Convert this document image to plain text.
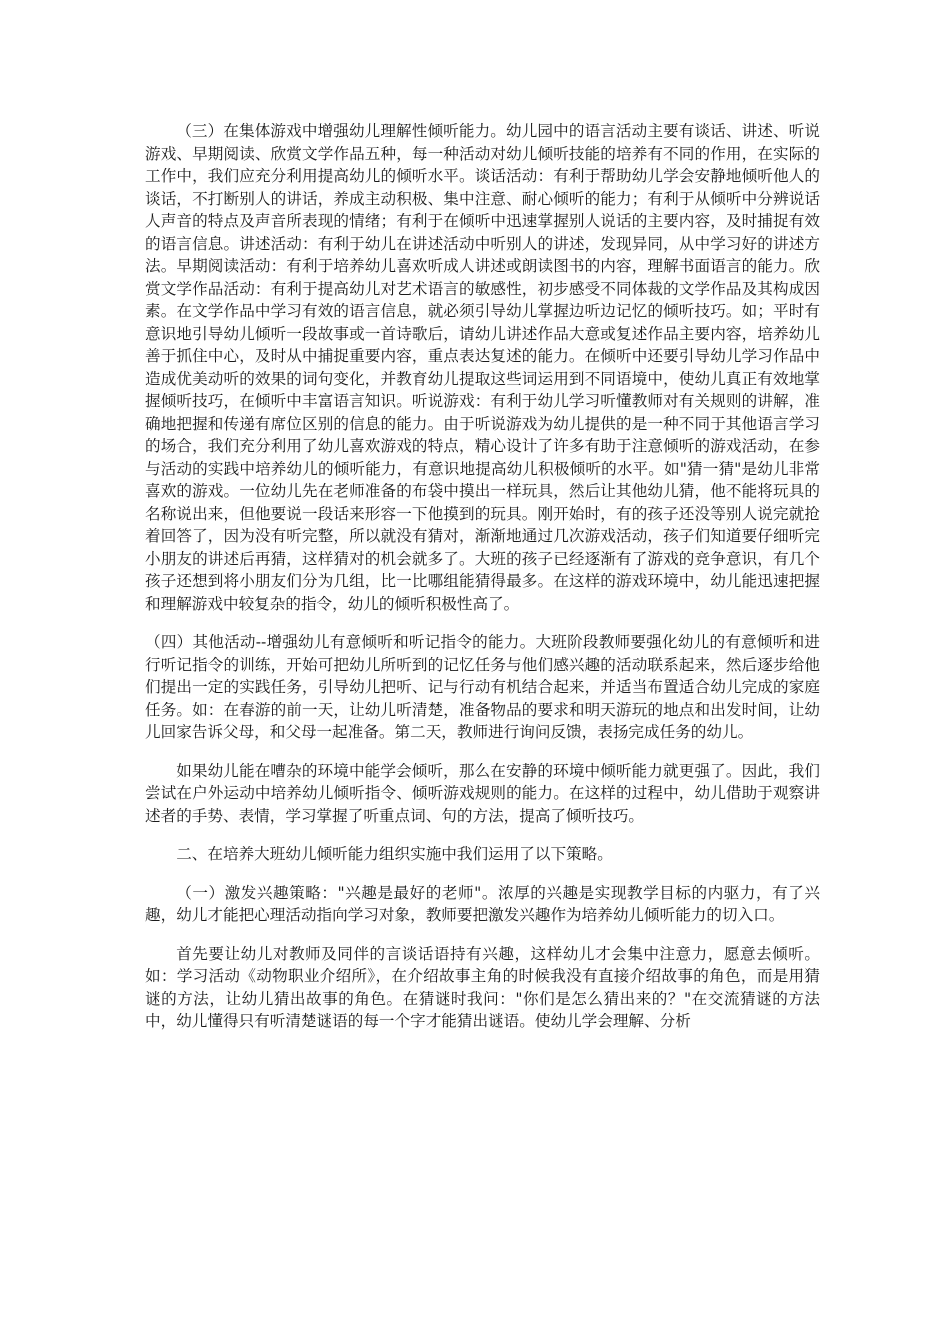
（三）在集体游戏中增强幼儿理解性倾听能力。幼儿园中的语言活动主要有谈话、讲述、听说游戏、早期阅读、欣赏文学作品五种，每一种活动对幼儿倾听技能的培养有不同的作用，在实际的工作中，我们应充分利用提高幼儿的倾听水平。谈话活动：有利于帮助幼儿学会安静地倾听他人的谈话，不打断别人的讲话，养成主动积极、集中注意、耐心倾听的能力；有利于从倾听中分辨说话人声音的特点及声音所表现的情绪；有利于在倾听中迅速掌握别人说话的主要内容，及时捕捉有效的语言信息。讲述活动：有利于幼儿在讲述活动中听别人的讲述，发现异同，从中学习好的讲述方法。早期阅读活动：有利于培养幼儿喜欢听成人讲述或朗读图书的内容，理解书面语言的能力。欣赏文学作品活动：有利于提高幼儿对艺术语言的敏感性，初步感受不同体裁的文学作品及其构成因素。在文学作品中学习有效的语言信息，就必须引导幼儿掌握边听边记忆的倾听技巧。如；平时有意识地引导幼儿倾听一段故事或一首诗歌后，请幼儿讲述作品大意或复述作品主要内容，培养幼儿善于抓住中心，及时从中捕捉重要内容，重点表达复述的能力。在倾听中还要引导幼儿学习作品中造成优美动听的效果的词句变化，并教育幼儿提取这些词运用到不同语境中，使幼儿真正有效地掌握倾听技巧，在倾听中丰富语言知识。听说游戏：有利于幼儿学习听懂教师对有关规则的讲解，准确地把握和传递有席位区别的信息的能力。由于听说游戏为幼儿提供的是一种不同于其他语言学习的场合，我们充分利用了幼儿喜欢游戏的特点，精心设计了许多有助于注意倾听的游戏活动，在参与活动的实践中培养幼儿的倾听能力，有意识地提高幼儿积极倾听的水平。如"猜一猜"是幼儿非常喜欢的游戏。一位幼儿先在老师准备的布袋中摸出一样玩具，然后让其他幼儿猜，他不能将玩具的名称说出来，但他要说一段话来形容一下他摸到的玩具。刚开始时，有的孩子还没等别人说完就抢着回答了，因为没有听完整，所以就没有猜对，渐渐地通过几次游戏活动，孩子们知道要仔细听完小朋友的讲述后再猜，这样猜对的机会就多了。大班的孩子已经逐渐有了游戏的竞争意识，有几个孩子还想到将小朋友们分为几组，比一比哪组能猜得最多。在这样的游戏环境中，幼儿能迅速把握和理解游戏中较复杂的指令，幼儿的倾听积极性高了。

（四）其他活动--增强幼儿有意倾听和听记指令的能力。大班阶段教师要强化幼儿的有意倾听和进行听记指令的训练，开始可把幼儿所听到的记忆任务与他们感兴趣的活动联系起来，然后逐步给他们提出一定的实践任务，引导幼儿把听、记与行动有机结合起来，并适当布置适合幼儿完成的家庭任务。如：在春游的前一天，让幼儿听清楚，准备物品的要求和明天游玩的地点和出发时间，让幼儿回家告诉父母，和父母一起准备。第二天，教师进行询问反馈，表扬完成任务的幼儿。

如果幼儿能在嘈杂的环境中能学会倾听，那么在安静的环境中倾听能力就更强了。因此，我们尝试在户外运动中培养幼儿倾听指令、倾听游戏规则的能力。在这样的过程中，幼儿借助于观察讲述者的手势、表情，学习掌握了听重点词、句的方法，提高了倾听技巧。

二、在培养大班幼儿倾听能力组织实施中我们运用了以下策略。

（一）激发兴趣策略："兴趣是最好的老师"。浓厚的兴趣是实现教学目标的内驱力，有了兴趣，幼儿才能把心理活动指向学习对象，教师要把激发兴趣作为培养幼儿倾听能力的切入口。

首先要让幼儿对教师及同伴的言谈话语持有兴趣，这样幼儿才会集中注意力，愿意去倾听。如：学习活动《动物职业介绍所》，在介绍故事主角的时候我没有直接介绍故事的角色，而是用猜谜的方法，让幼儿猜出故事的角色。在猜谜时我问："你们是怎么猜出来的？"在交流猜谜的方法中，幼儿懂得只有听清楚谜语的每一个字才能猜出谜语。使幼儿学会理解、分析
